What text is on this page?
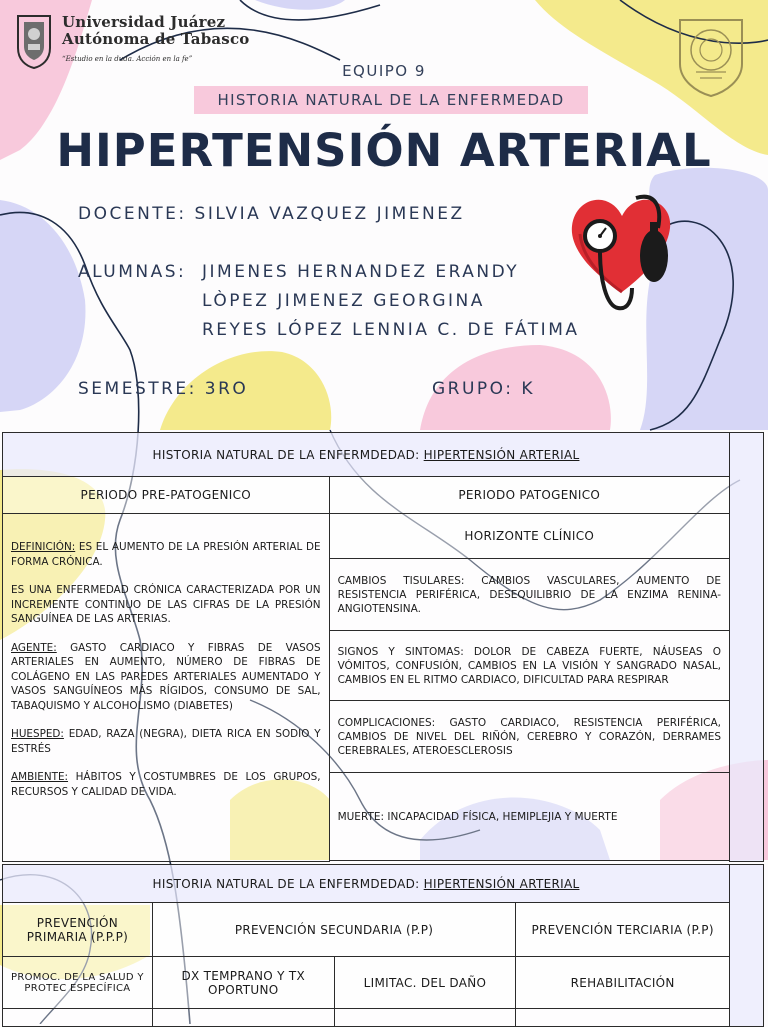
Universidad Juárez
Autónoma de Tabasco
“Estudio en la duda. Acción en la fe”
EQUIPO 9
HISTORIA NATURAL DE LA ENFERMEDAD
HIPERTENSIÓN ARTERIAL
DOCENTE: SILVIA VAZQUEZ JIMENEZ
ALUMNAS: JIMENES HERNANDEZ ERANDY
LÒPEZ JIMENEZ GEORGINA
REYES LÓPEZ LENNIA C. DE FÁTIMA
SEMESTRE: 3RO	GRUPO: K
HISTORIA NATURAL DE LA ENFERMDEDAD: HIPERTENSIÓN ARTERIAL		
PERIODO PRE-PATOGENICO	PERIODO PATOGENICO	

DEFINICIÓN: ES EL AUMENTO DE LA PRESIÓN ARTERIAL DE FORMA CRÓNICA.

ES UNA ENFERMEDAD CRÓNICA CARACTERIZADA POR UN INCREMENTE CONTINUO DE LAS CIFRAS DE LA PRESIÓN SANGUÍNEA DE LAS ARTERIAS.

AGENTE: GASTO CARDIACO Y FIBRAS DE VASOS ARTERIALES EN AUMENTO, NÚMERO DE FIBRAS DE COLÁGENO EN LAS PAREDES ARTERIALES AUMENTADO Y VASOS SANGUÍNEOS MÁS RÍGIDOS, CONSUMO DE SAL, TABAQUISMO Y ALCOHOLISMO (DIABETES)

HUESPED: EDAD, RAZA (NEGRA), DIETA RICA EN SODIO Y ESTRÉS

AMBIENTE: HÁBITOS Y COSTUMBRES DE LOS GRUPOS, RECURSOS Y CALIDAD DE VIDA.	HORIZONTE CLÍNICO	
	CAMBIOS TISULARES: CAMBIOS VASCULARES, AUMENTO DE RESISTENCIA PERIFÉRICA, DESEQUILIBRIO DE LA ENZIMA RENINA-ANGIOTENSINA.	
	SIGNOS Y SINTOMAS: DOLOR DE CABEZA FUERTE, NÁUSEAS O VÓMITOS, CONFUSIÓN, CAMBIOS EN LA VISIÓN Y SANGRADO NASAL, CAMBIOS EN EL RITMO CARDIACO, DIFICULTAD PARA RESPIRAR	
	COMPLICACIONES: GASTO CARDIACO, RESISTENCIA PERIFÉRICA, CAMBIOS DE NIVEL DEL RIÑÓN, CEREBRO Y CORAZÓN, DERRAMES CEREBRALES, ATEROESCLEROSIS	
	MUERTE: INCAPACIDAD FÍSICA, HEMIPLEJIA Y MUERTE	

HISTORIA NATURAL DE LA ENFERMDEDAD: HIPERTENSIÓN ARTERIAL				
PREVENCIÓN PRIMARIA (P.P.P)	PREVENCIÓN SECUNDARIA (P.P)		PREVENCIÓN TERCIARIA (P.P)	
PROMOC. DE LA SALUD Y PROTEC ESPECÍFICA	DX TEMPRANO Y TX OPORTUNO	LIMITAC. DEL DAÑO	REHABILITACIÓN	
